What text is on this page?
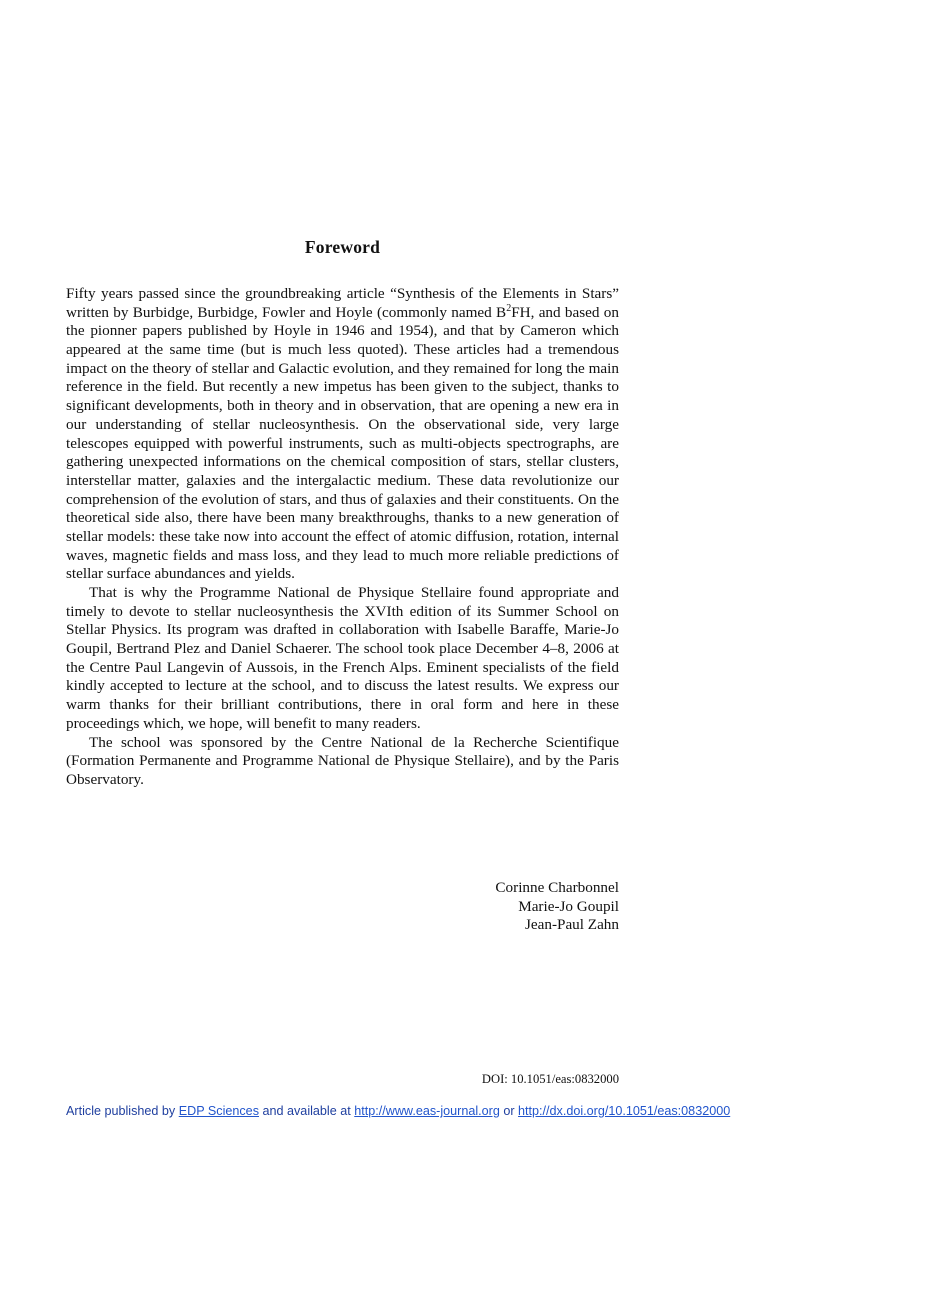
Foreword

Fifty years passed since the groundbreaking article “Synthesis of the Elements in Stars” written by Burbidge, Burbidge, Fowler and Hoyle (commonly named $B^2FH$, and based on the pionner papers published by Hoyle in 1946 and 1954), and that by Cameron which appeared at the same time (but is much less quoted). These articles had a tremendous impact on the theory of stellar and Galactic evolution, and they remained for long the main reference in the field. But recently a new impetus has been given to the subject, thanks to significant developments, both in theory and in observation, that are opening a new era in our understanding of stellar nucleosynthesis. On the observational side, very large telescopes equipped with powerful instruments, such as multi-objects spectrographs, are gathering unexpected informations on the chemical composition of stars, stellar clusters, interstellar matter, galaxies and the intergalactic medium. These data revolutionize our comprehension of the evolution of stars, and thus of galaxies and their constituents. On the theoretical side also, there have been many breakthroughs, thanks to a new generation of stellar models: these take now into account the effect of atomic diffusion, rotation, internal waves, magnetic fields and mass loss, and they lead to much more reliable predictions of stellar surface abundances and yields.

That is why the Programme National de Physique Stellaire found appropriate and timely to devote to stellar nucleosynthesis the XVIth edition of its Summer School on Stellar Physics. Its program was drafted in collaboration with Isabelle Baraffe, Marie-Jo Goupil, Bertrand Plez and Daniel Schaerer. The school took place December 4–8, 2006 at the Centre Paul Langevin of Aussois, in the French Alps. Eminent specialists of the field kindly accepted to lecture at the school, and to discuss the latest results. We express our warm thanks for their brilliant contributions, there in oral form and here in these proceedings which, we hope, will benefit to many readers.

The school was sponsored by the Centre National de la Recherche Scientifique (Formation Permanente and Programme National de Physique Stellaire), and by the Paris Observatory.

Corinne Charbonnel
Marie-Jo Goupil
Jean-Paul Zahn
DOI: 10.1051/eas:0832000
Article published by EDP Sciences and available at http://www.eas-journal.org or http://dx.doi.org/10.1051/eas:0832000
